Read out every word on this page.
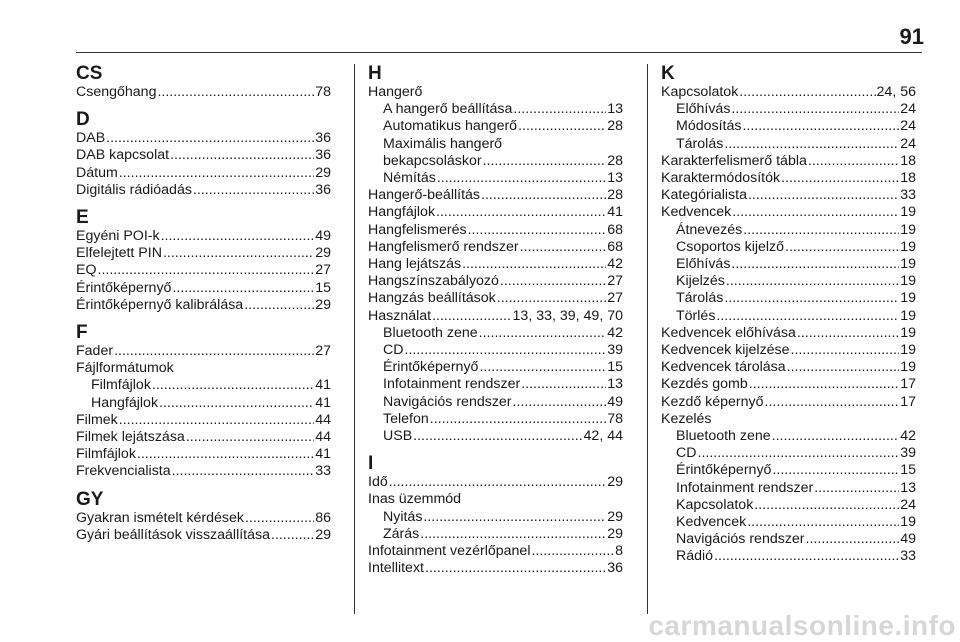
91
CS
Csengőhang .....	78
D
DAB .....	36
DAB kapcsolat .....	36
Dátum .....	29
Digitális rádióadás .....	36
E
Egyéni POI-k .....	49
Elfelejtett PIN .....	29
EQ .....	27
Érintőképernyő .....	15
Érintőképernyő kalibrálása .....	29
F
Fader .....	27
Fájlformátumok
Filmfájlok .....	41
Hangfájlok .....	41
Filmek .....	44
Filmek lejátszása .....	44
Filmfájlok .....	41
Frekvencialista .....	33
GY
Gyakran ismételt kérdések .....	86
Gyári beállítások visszaállítása .....	29
H
Hangerő
A hangerő beállítása .....	13
Automatikus hangerő .....	28
Maximális hangerő
bekapcsoláskor .....	28
Némítás .....	13
Hangerő-beállítás .....	28
Hangfájlok .....	41
Hangfelismerés .....	68
Hangfelismerő rendszer .....	68
Hang lejátszás .....	42
Hangszínszabályozó .....	27
Hangzás beállítások .....	27
Használat .....	13, 33, 39, 49, 70
Bluetooth zene .....	42
CD .....	39
Érintőképernyő .....	15
Infotainment rendszer .....	13
Navigációs rendszer .....	49
Telefon .....	78
USB .....	42, 44
I
Idő .....	29
Inas üzemmód
Nyitás .....	29
Zárás .....	29
Infotainment vezérlőpanel .....	8
Intellitext .....	36
K
Kapcsolatok .....	24, 56
Előhívás .....	24
Módosítás .....	24
Tárolás .....	24
Karakterfelismerő tábla .....	18
Karaktermódosítók .....	18
Kategórialista .....	33
Kedvencek .....	19
Átnevezés .....	19
Csoportos kijelző .....	19
Előhívás .....	19
Kijelzés .....	19
Tárolás .....	19
Törlés .....	19
Kedvencek előhívása .....	19
Kedvencek kijelzése .....	19
Kedvencek tárolása .....	19
Kezdés gomb .....	17
Kezdő képernyő .....	17
Kezelés
Bluetooth zene .....	42
CD .....	39
Érintőképernyő .....	15
Infotainment rendszer .....	13
Kapcsolatok .....	24
Kedvencek .....	19
Navigációs rendszer .....	49
Rádió .....	33
carmanualsonline.info
